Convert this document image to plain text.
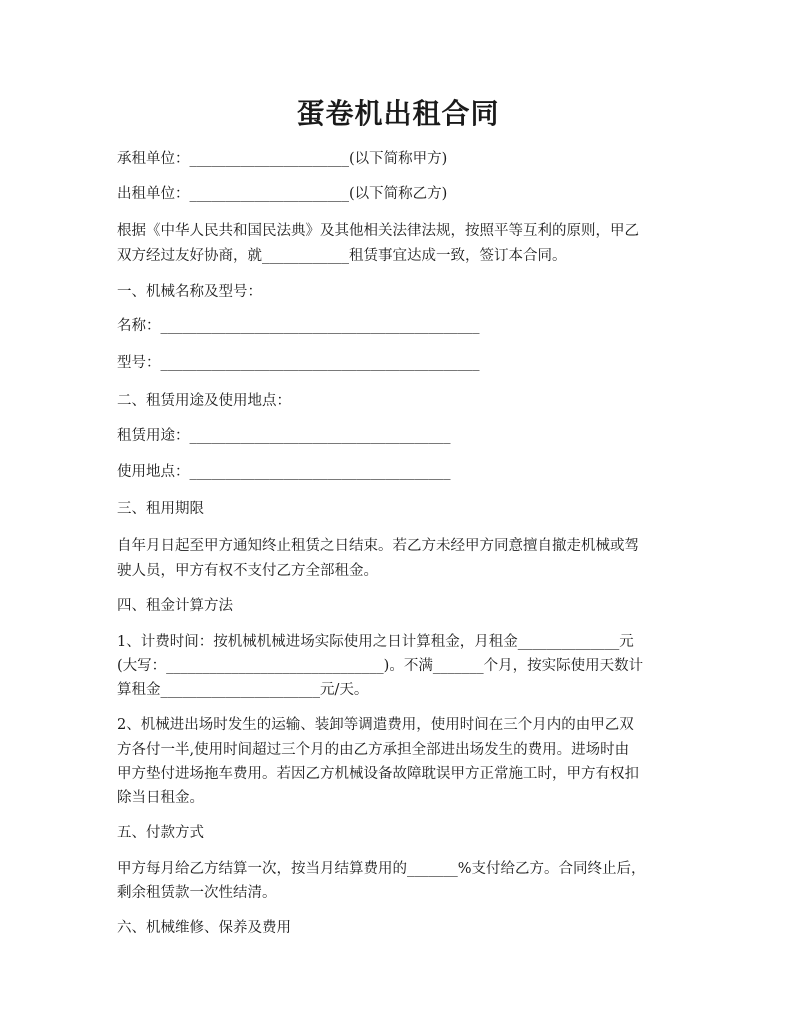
蛋卷机出租合同
承租单位：______________________(以下简称甲方)
出租单位：______________________(以下简称乙方)
根据《中华人民共和国民法典》及其他相关法律法规，按照平等互利的原则，甲乙
双方经过友好协商，就____________租赁事宜达成一致，签订本合同。
一、机械名称及型号：
名称：____________________________________________
型号：____________________________________________
二、租赁用途及使用地点：
租赁用途：____________________________________
使用地点：____________________________________
三、租用期限
自年月日起至甲方通知终止租赁之日结束。若乙方未经甲方同意擅自撤走机械或驾
驶人员，甲方有权不支付乙方全部租金。
四、租金计算方法
1、计费时间：按机械机械进场实际使用之日计算租金，月租金______________元
(大写：______________________________)。不满_______个月，按实际使用天数计
算租金______________________元/天。
2、机械进出场时发生的运输、装卸等调遣费用，使用时间在三个月内的由甲乙双
方各付一半,使用时间超过三个月的由乙方承担全部进出场发生的费用。进场时由
甲方垫付进场拖车费用。若因乙方机械设备故障耽误甲方正常施工时，甲方有权扣
除当日租金。
五、付款方式
甲方每月给乙方结算一次，按当月结算费用的_______%支付给乙方。合同终止后，
剩余租赁款一次性结清。
六、机械维修、保养及费用
